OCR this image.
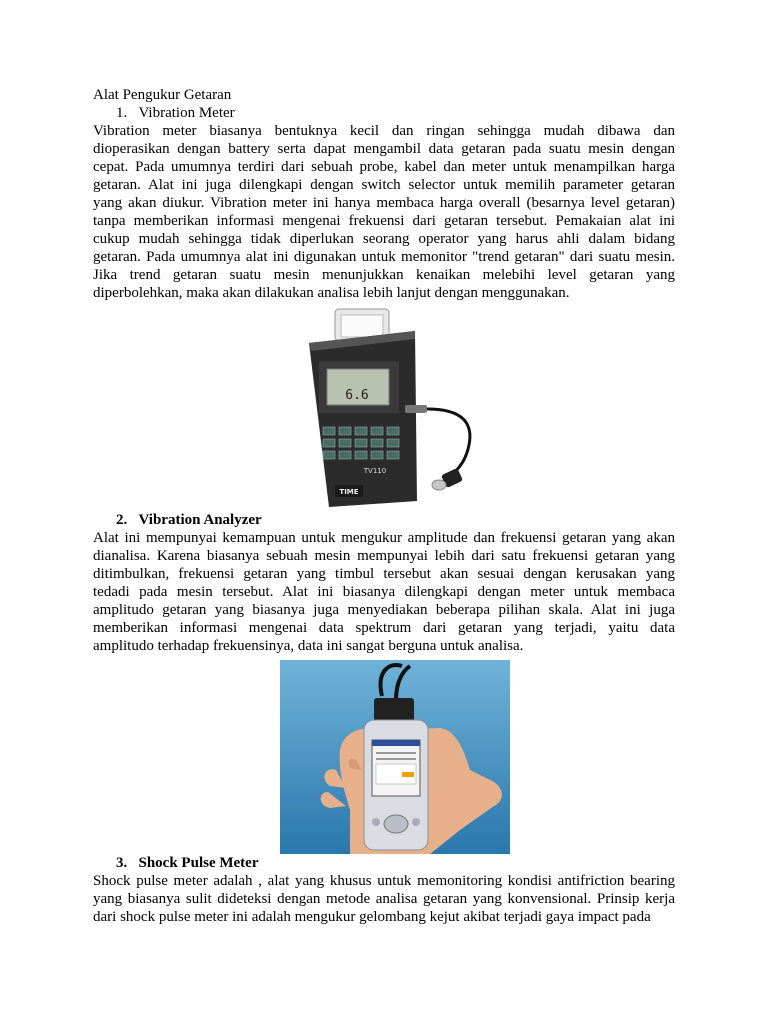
Alat Pengukur Getaran
1. Vibration Meter
Vibration meter biasanya bentuknya kecil dan ringan sehingga mudah dibawa dan
dioperasikan dengan battery serta dapat mengambil data getaran pada suatu mesin dengan
cepat. Pada umumnya terdiri dari sebuah probe, kabel dan meter untuk menampilkan harga
getaran. Alat ini juga dilengkapi dengan switch selector untuk memilih parameter getaran
yang akan diukur. Vibration meter ini hanya membaca harga overall (besarnya level getaran)
tanpa memberikan informasi mengenai frekuensi dari getaran tersebut. Pemakaian alat ini
cukup mudah sehingga tidak diperlukan seorang operator yang harus ahli dalam bidang
getaran. Pada umumnya alat ini digunakan untuk memonitor "trend getaran" dari suatu mesin.
Jika trend getaran suatu mesin menunjukkan kenaikan melebihi level getaran yang
diperbolehkan, maka akan dilakukan analisa lebih lanjut dengan menggunakan.
6.6
TV110
TIME
2. Vibration Analyzer
Alat ini mempunyai kemampuan untuk mengukur amplitude dan frekuensi getaran yang akan
dianalisa. Karena biasanya sebuah mesin mempunyai lebih dari satu frekuensi getaran yang
ditimbulkan, frekuensi getaran yang timbul tersebut akan sesuai dengan kerusakan yang
tedadi pada mesin tersebut. Alat ini biasanya dilengkapi dengan meter untuk membaca
amplitudo getaran yang biasanya juga menyediakan beberapa pilihan skala. Alat ini juga
memberikan informasi mengenai data spektrum dari getaran yang terjadi, yaitu data
amplitudo terhadap frekuensinya, data ini sangat berguna untuk analisa.
3. Shock Pulse Meter
Shock pulse meter adalah , alat yang khusus untuk memonitoring kondisi antifriction bearing
yang biasanya sulit dideteksi dengan metode analisa getaran yang konvensional. Prinsip kerja
dari shock pulse meter ini adalah mengukur gelombang kejut akibat terjadi gaya impact pada
